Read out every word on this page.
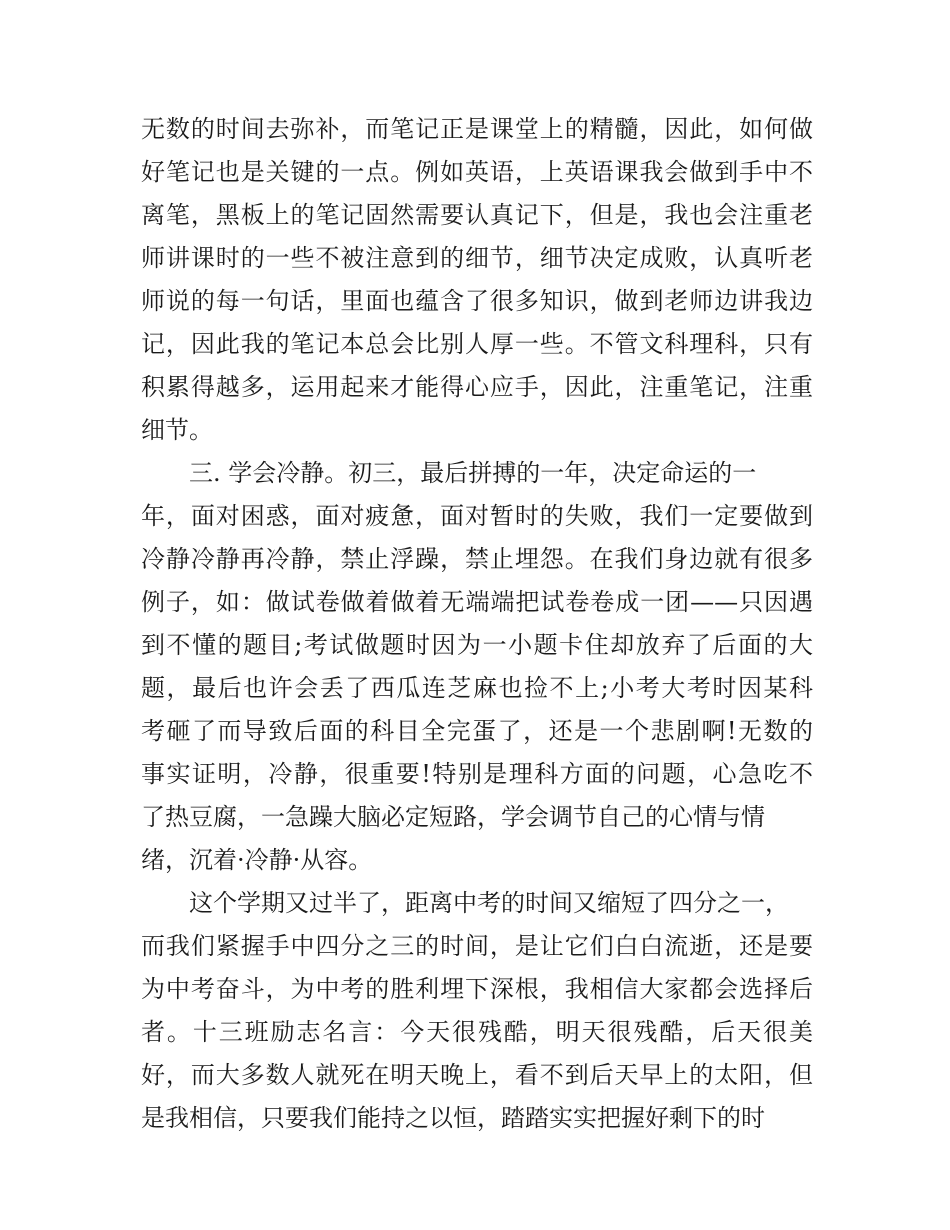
无数的时间去弥补，而笔记正是课堂上的精髓，因此，如何做
好笔记也是关键的一点。例如英语，上英语课我会做到手中不
离笔，黑板上的笔记固然需要认真记下，但是，我也会注重老
师讲课时的一些不被注意到的细节，细节决定成败，认真听老
师说的每一句话，里面也蕴含了很多知识，做到老师边讲我边
记，因此我的笔记本总会比别人厚一些。不管文科理科，只有
积累得越多，运用起来才能得心应手，因此，注重笔记，注重
细节。
三. 学会冷静。初三，最后拼搏的一年，决定命运的一
年，面对困惑，面对疲惫，面对暂时的失败，我们一定要做到
冷静冷静再冷静，禁止浮躁，禁止埋怨。在我们身边就有很多
例子，如：做试卷做着做着无端端把试卷卷成一团——只因遇
到不懂的题目;考试做题时因为一小题卡住却放弃了后面的大
题，最后也许会丢了西瓜连芝麻也捡不上;小考大考时因某科
考砸了而导致后面的科目全完蛋了，还是一个悲剧啊!无数的
事实证明，冷静，很重要!特别是理科方面的问题，心急吃不
了热豆腐，一急躁大脑必定短路，学会调节自己的心情与情
绪，沉着·冷静·从容。
这个学期又过半了，距离中考的时间又缩短了四分之一，
而我们紧握手中四分之三的时间，是让它们白白流逝，还是要
为中考奋斗，为中考的胜利埋下深根，我相信大家都会选择后
者。十三班励志名言：今天很残酷，明天很残酷，后天很美
好，而大多数人就死在明天晚上，看不到后天早上的太阳，但
是我相信，只要我们能持之以恒，踏踏实实把握好剩下的时
